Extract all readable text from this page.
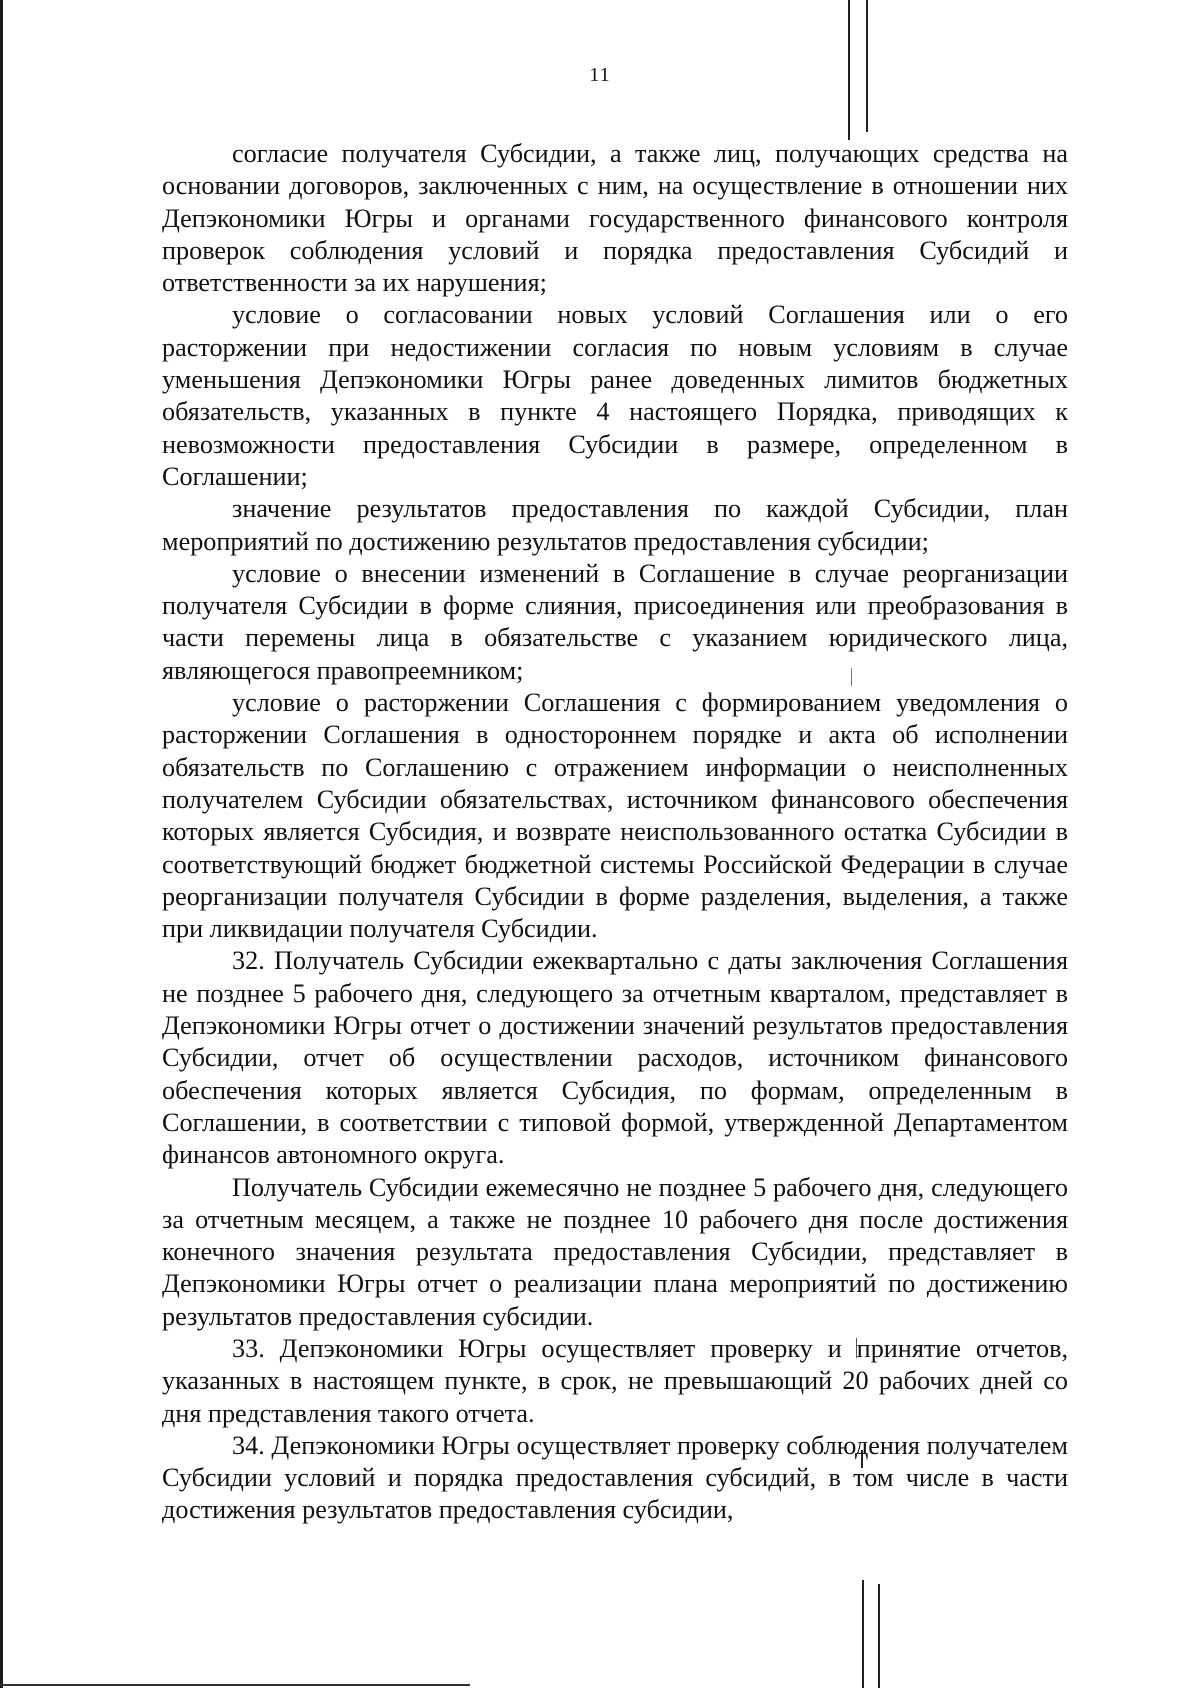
11

согласие получателя Субсидии, а также лиц, получающих средства на основании договоров, заключенных с ним, на осуществление в отношении них Депэкономики Югры и органами государственного финансового контроля проверок соблюдения условий и порядка предоставления Субсидий и ответственности за их нарушения;

условие о согласовании новых условий Соглашения или о его расторжении при недостижении согласия по новым условиям в случае уменьшения Депэкономики Югры ранее доведенных лимитов бюджетных обязательств, указанных в пункте 4 настоящего Порядка, приводящих к невозможности предоставления Субсидии в размере, определенном в Соглашении;

значение результатов предоставления по каждой Субсидии, план мероприятий по достижению результатов предоставления субсидии;

условие о внесении изменений в Соглашение в случае реорганизации получателя Субсидии в форме слияния, присоединения или преобразования в части перемены лица в обязательстве с указанием юридического лица, являющегося правопреемником;

условие о расторжении Соглашения с формированием уведомления о расторжении Соглашения в одностороннем порядке и акта об исполнении обязательств по Соглашению с отражением информации о неисполненных получателем Субсидии обязательствах, источником финансового обеспечения которых является Субсидия, и возврате неиспользованного остатка Субсидии в соответствующий бюджет бюджетной системы Российской Федерации в случае реорганизации получателя Субсидии в форме разделения, выделения, а также при ликвидации получателя Субсидии.

32. Получатель Субсидии ежеквартально с даты заключения Соглашения не позднее 5 рабочего дня, следующего за отчетным кварталом, представляет в Депэкономики Югры отчет о достижении значений результатов предоставления Субсидии, отчет об осуществлении расходов, источником финансового обеспечения которых является Субсидия, по формам, определенным в Соглашении, в соответствии с типовой формой, утвержденной Департаментом финансов автономного округа.

Получатель Субсидии ежемесячно не позднее 5 рабочего дня, следующего за отчетным месяцем, а также не позднее 10 рабочего дня после достижения конечного значения результата предоставления Субсидии, представляет в Депэкономики Югры отчет о реализации плана мероприятий по достижению результатов предоставления субсидии.

33. Депэкономики Югры осуществляет проверку и принятие отчетов, указанных в настоящем пункте, в срок, не превышающий 20 рабочих дней со дня представления такого отчета.

34. Депэкономики Югры осуществляет проверку соблюдения получателем Субсидии условий и порядка предоставления субсидий, в том числе в части достижения результатов предоставления субсидии,
